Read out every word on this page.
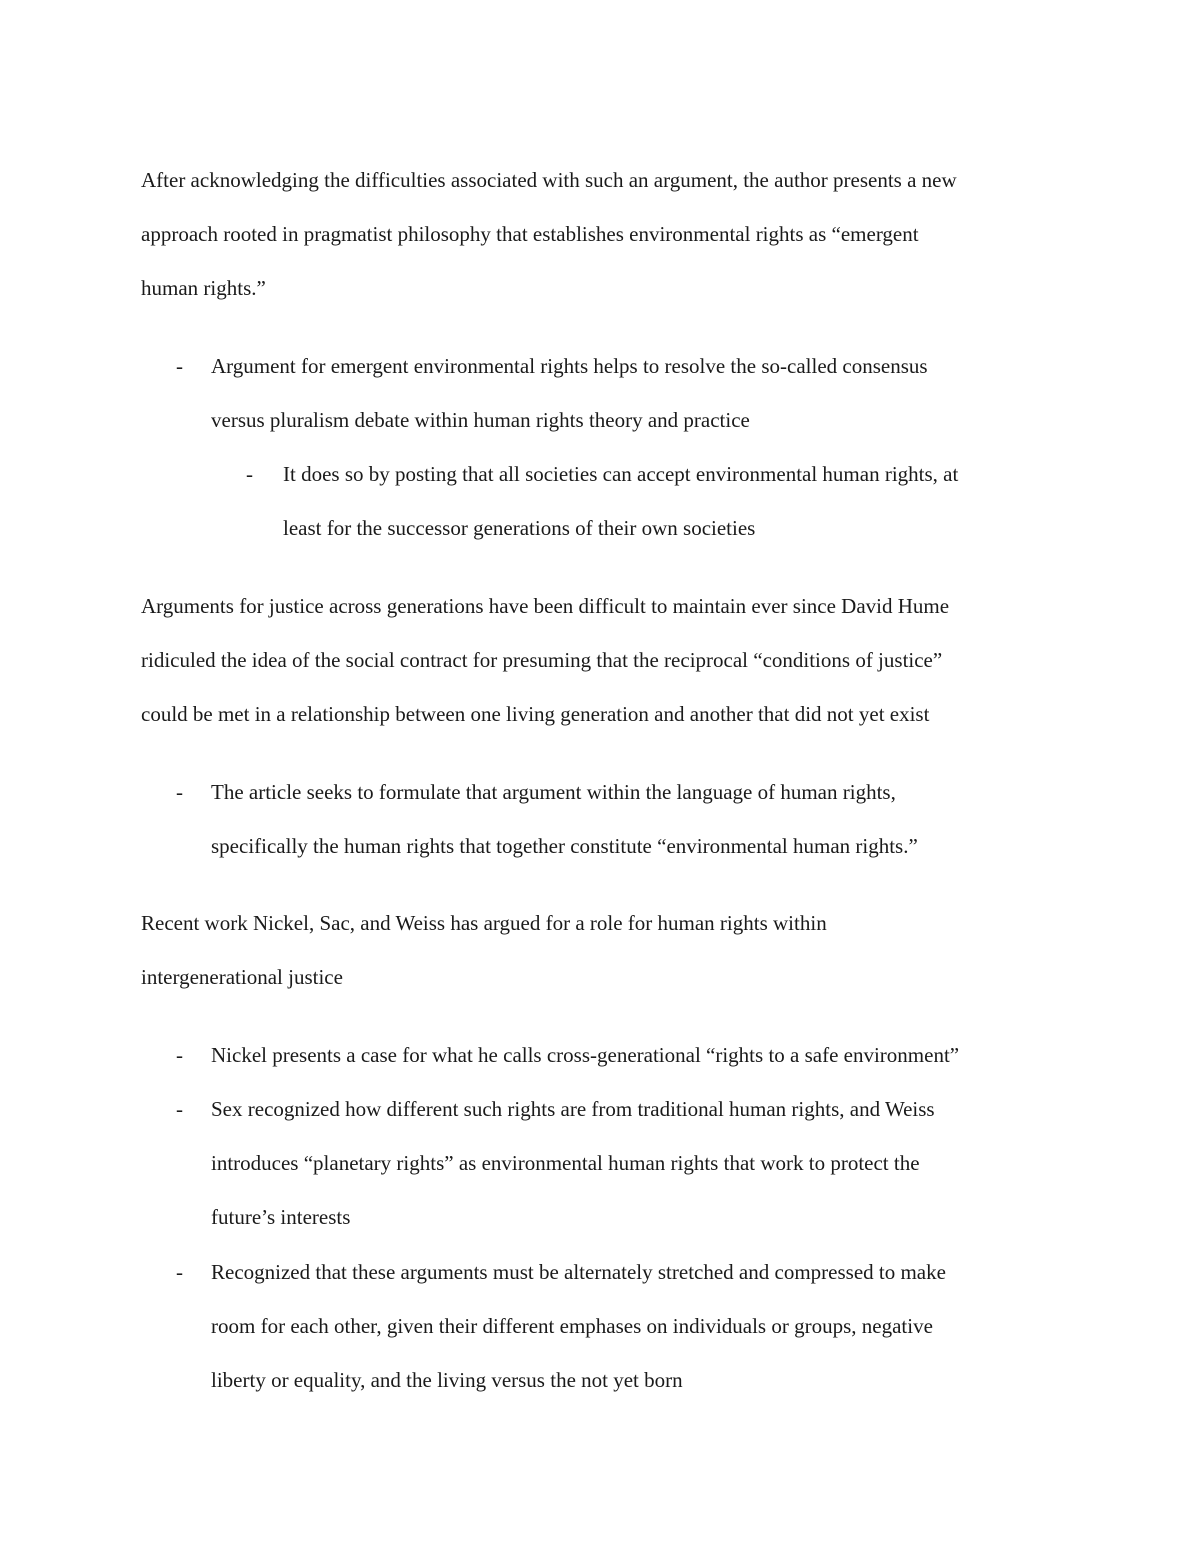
After acknowledging the difficulties associated with such an argument, the author presents a new
approach rooted in pragmatist philosophy that establishes environmental rights as “emergent
human rights.”
- Argument for emergent environmental rights helps to resolve the so-called consensus
versus pluralism debate within human rights theory and practice
- It does so by posting that all societies can accept environmental human rights, at
least for the successor generations of their own societies
Arguments for justice across generations have been difficult to maintain ever since David Hume
ridiculed the idea of the social contract for presuming that the reciprocal “conditions of justice”
could be met in a relationship between one living generation and another that did not yet exist
- The article seeks to formulate that argument within the language of human rights,
specifically the human rights that together constitute “environmental human rights.”
Recent work Nickel, Sac, and Weiss has argued for a role for human rights within
intergenerational justice
- Nickel presents a case for what he calls cross-generational “rights to a safe environment”
- Sex recognized how different such rights are from traditional human rights, and Weiss
introduces “planetary rights” as environmental human rights that work to protect the
future’s interests
- Recognized that these arguments must be alternately stretched and compressed to make
room for each other, given their different emphases on individuals or groups, negative
liberty or equality, and the living versus the not yet born
